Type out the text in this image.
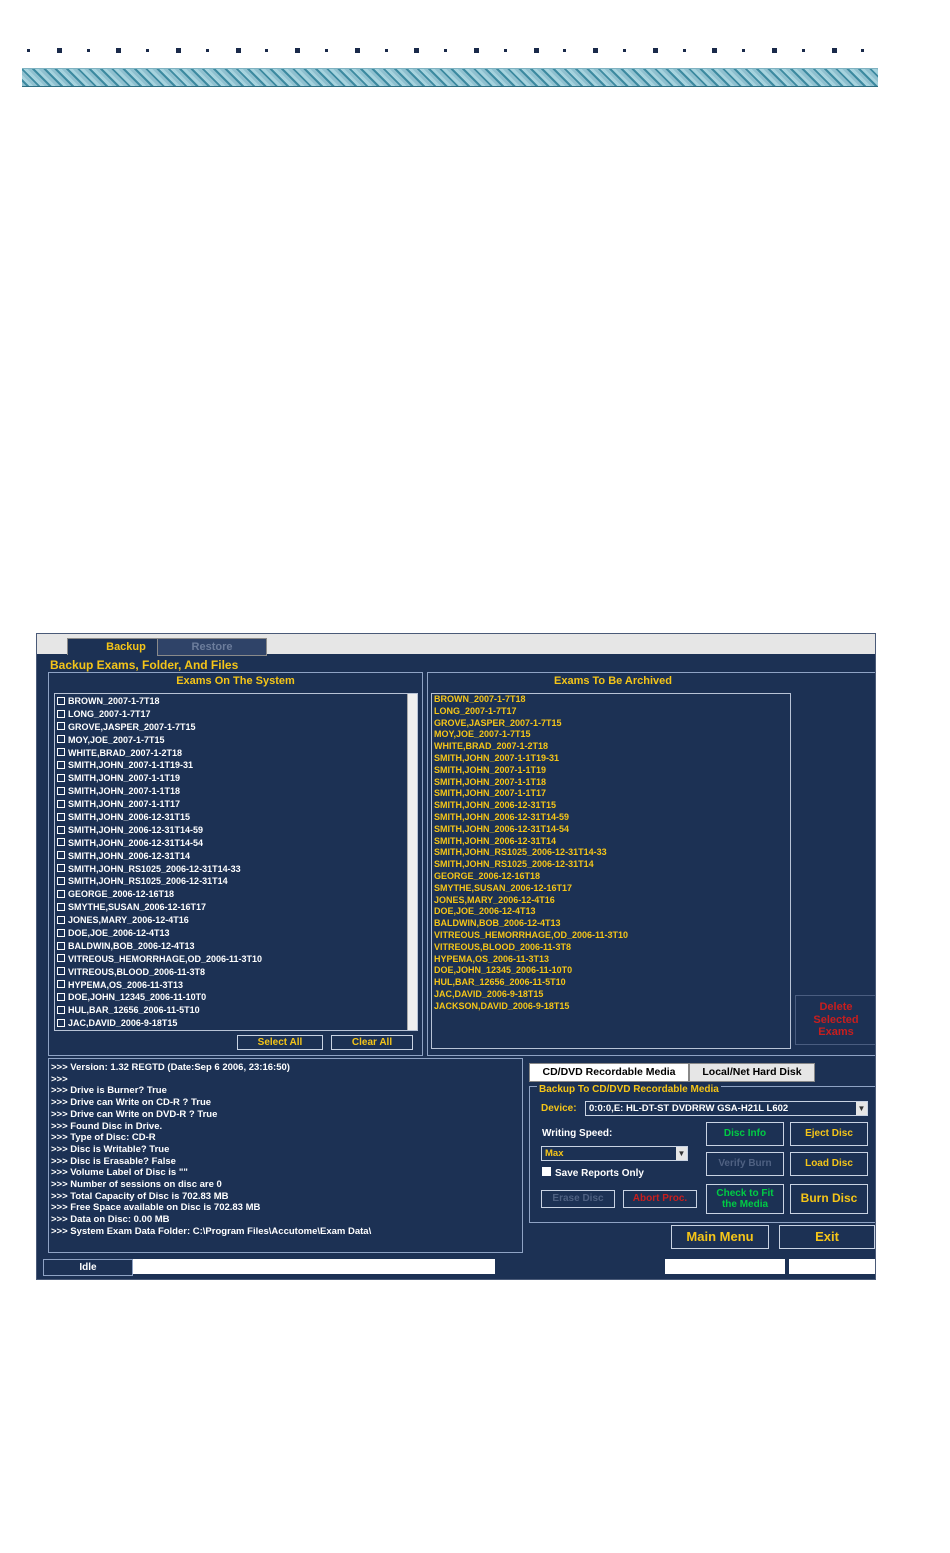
Backup	Restore
Backup Exams, Folder, And Files
Exams On The System
BROWN_2007-1-7T18
LONG_2007-1-7T17
GROVE,JASPER_2007-1-7T15
MOY,JOE_2007-1-7T15
WHITE,BRAD_2007-1-2T18
SMITH,JOHN_2007-1-1T19-31
SMITH,JOHN_2007-1-1T19
SMITH,JOHN_2007-1-1T18
SMITH,JOHN_2007-1-1T17
SMITH,JOHN_2006-12-31T15
SMITH,JOHN_2006-12-31T14-59
SMITH,JOHN_2006-12-31T14-54
SMITH,JOHN_2006-12-31T14
SMITH,JOHN_RS1025_2006-12-31T14-33
SMITH,JOHN_RS1025_2006-12-31T14
GEORGE_2006-12-16T18
SMYTHE,SUSAN_2006-12-16T17
JONES,MARY_2006-12-4T16
DOE,JOE_2006-12-4T13
BALDWIN,BOB_2006-12-4T13
VITREOUS_HEMORRHAGE,OD_2006-11-3T10
VITREOUS,BLOOD_2006-11-3T8
HYPEMA,OS_2006-11-3T13
DOE,JOHN_12345_2006-11-10T0
HUL,BAR_12656_2006-11-5T10
JAC,DAVID_2006-9-18T15
Select All	Clear All
Exams To Be Archived
BROWN_2007-1-7T18
LONG_2007-1-7T17
GROVE,JASPER_2007-1-7T15
MOY,JOE_2007-1-7T15
WHITE,BRAD_2007-1-2T18
SMITH,JOHN_2007-1-1T19-31
SMITH,JOHN_2007-1-1T19
SMITH,JOHN_2007-1-1T18
SMITH,JOHN_2007-1-1T17
SMITH,JOHN_2006-12-31T15
SMITH,JOHN_2006-12-31T14-59
SMITH,JOHN_2006-12-31T14-54
SMITH,JOHN_2006-12-31T14
SMITH,JOHN_RS1025_2006-12-31T14-33
SMITH,JOHN_RS1025_2006-12-31T14
GEORGE_2006-12-16T18
SMYTHE,SUSAN_2006-12-16T17
JONES,MARY_2006-12-4T16
DOE,JOE_2006-12-4T13
BALDWIN,BOB_2006-12-4T13
VITREOUS_HEMORRHAGE,OD_2006-11-3T10
VITREOUS,BLOOD_2006-11-3T8
HYPEMA,OS_2006-11-3T13
DOE,JOHN_12345_2006-11-10T0
HUL,BAR_12656_2006-11-5T10
JAC,DAVID_2006-9-18T15
JACKSON,DAVID_2006-9-18T15	Delete Selected Exams
>>> Version: 1.32 REGTD (Date:Sep 6 2006, 23:16:50)
>>>
>>> Drive is Burner? True
>>> Drive can Write on CD-R ? True
>>> Drive can Write on DVD-R ? True
>>> Found Disc in Drive.
>>> Type of Disc: CD-R
>>> Disc is Writable? True
>>> Disc is Erasable? False
>>> Volume Label of Disc is ""
>>> Number of sessions on disc are 0
>>> Total Capacity of Disc is 702.83 MB
>>> Free Space available on Disc is 702.83 MB
>>> Data on Disc: 0.00 MB
>>> System Exam Data Folder: C:\Program Files\Accutome\Exam Data\
CD/DVD Recordable Media	Local/Net Hard Disk
Backup To CD/DVD Recordable Media
Device:	0:0:0,E: HL-DT-ST DVDRRW GSA-H21L L602	▼
Writing Speed:
Max	▼
Save Reports Only
Disc Info	Eject Disc
Verify Burn	Load Disc
Erase Disc	Abort Proc.
Check to Fit the Media	Burn Disc
Main Menu	Exit
Idle
